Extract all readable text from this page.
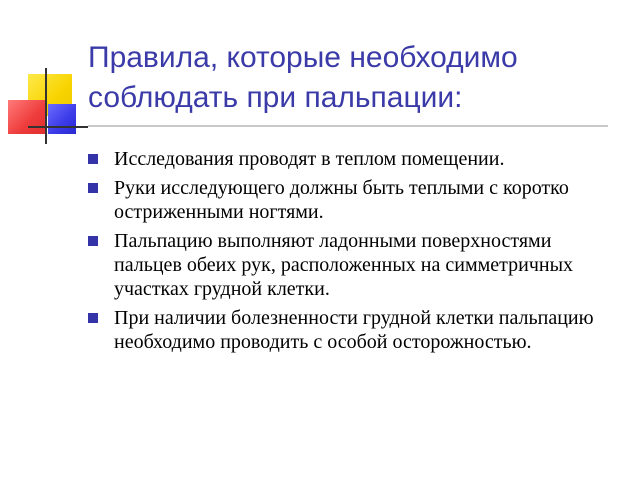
Правила, которые необходимо соблюдать при пальпации:
Исследования проводят в теплом помещении.
Руки исследующего должны быть теплыми с коротко остриженными ногтями.
Пальпацию выполняют ладонными поверхностями пальцев обеих рук, расположенных на симметричных участках грудной клетки.
При наличии болезненности грудной клетки пальпацию необходимо проводить с особой осторожностью.
